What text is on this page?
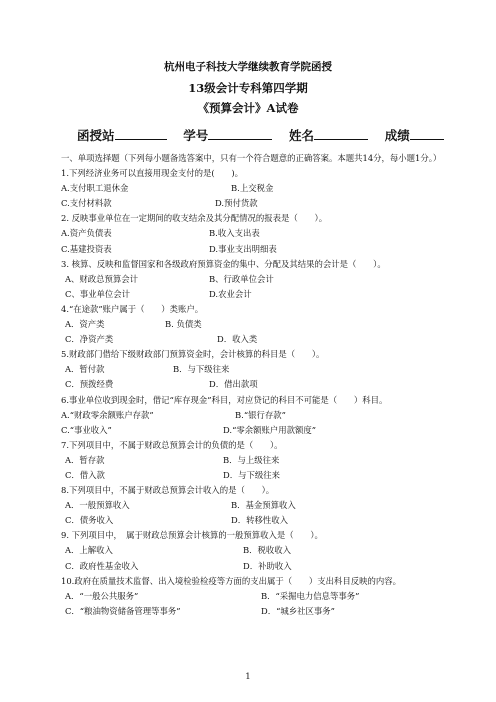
杭州电子科技大学继续教育学院函授
13级会计专科第四学期
《预算会计》A试卷
函授站	学号	姓名	成绩
一、单项选择题（下列每小题备选答案中，只有一个符合题意的正确答案。本题共14分，每小题1分。）
1.下列经济业务可以直接用现金支付的是(　　)。
A.支付职工退休金	B.上交税金
C.支付材料款	D.预付货款
2. 反映事业单位在一定期间的收支结余及其分配情况的报表是（　　）。
A.资产负债表	B.收入支出表
C.基建投资表	D.事业支出明细表
3. 核算、反映和监督国家和各级政府预算资金的集中、分配及其结果的会计是（　　）。
A、财政总预算会计	B、行政单位会计
C、事业单位会计	D.农业会计
4.“在途款”账户属于（　　）类账户。
A．资产类	B. 负债类
C．净资产类	D．收入类
5.财政部门借给下级财政部门预算资金时，会计核算的科目是（　　）。
A．暂付款	B．与下级往来
C．预拨经费	D．借出款项
6.事业单位收到现金时，借记“库存现金”科目，对应贷记的科目不可能是（　　）科目。
A.“财政零余额账户存款”	B.“银行存款”
C.“事业收入”	D.“零余额账户用款额度”
7.下列项目中，不属于财政总预算会计的负债的是（　　）。
A．暂存款	B．与上级往来
C．借入款	D．与下级往来
8.下列项目中，不属于财政总预算会计收入的是（　　）。
A．一般预算收入	B．基金预算收入
C．债务收入	D．转移性收入
9. 下列项目中，　属于财政总预算会计核算的一般预算收入是（　　）。
A．上解收入	B．税收收入
C．政府性基金收入	D．补助收入
10.政府在质量技术监督、出入境检验检疫等方面的支出属于（　　）支出科目反映的内容。
A．“一般公共服务”	B．“采掘电力信息等事务”
C．“粮油物资储备管理等事务”	D．“城乡社区事务”
1
